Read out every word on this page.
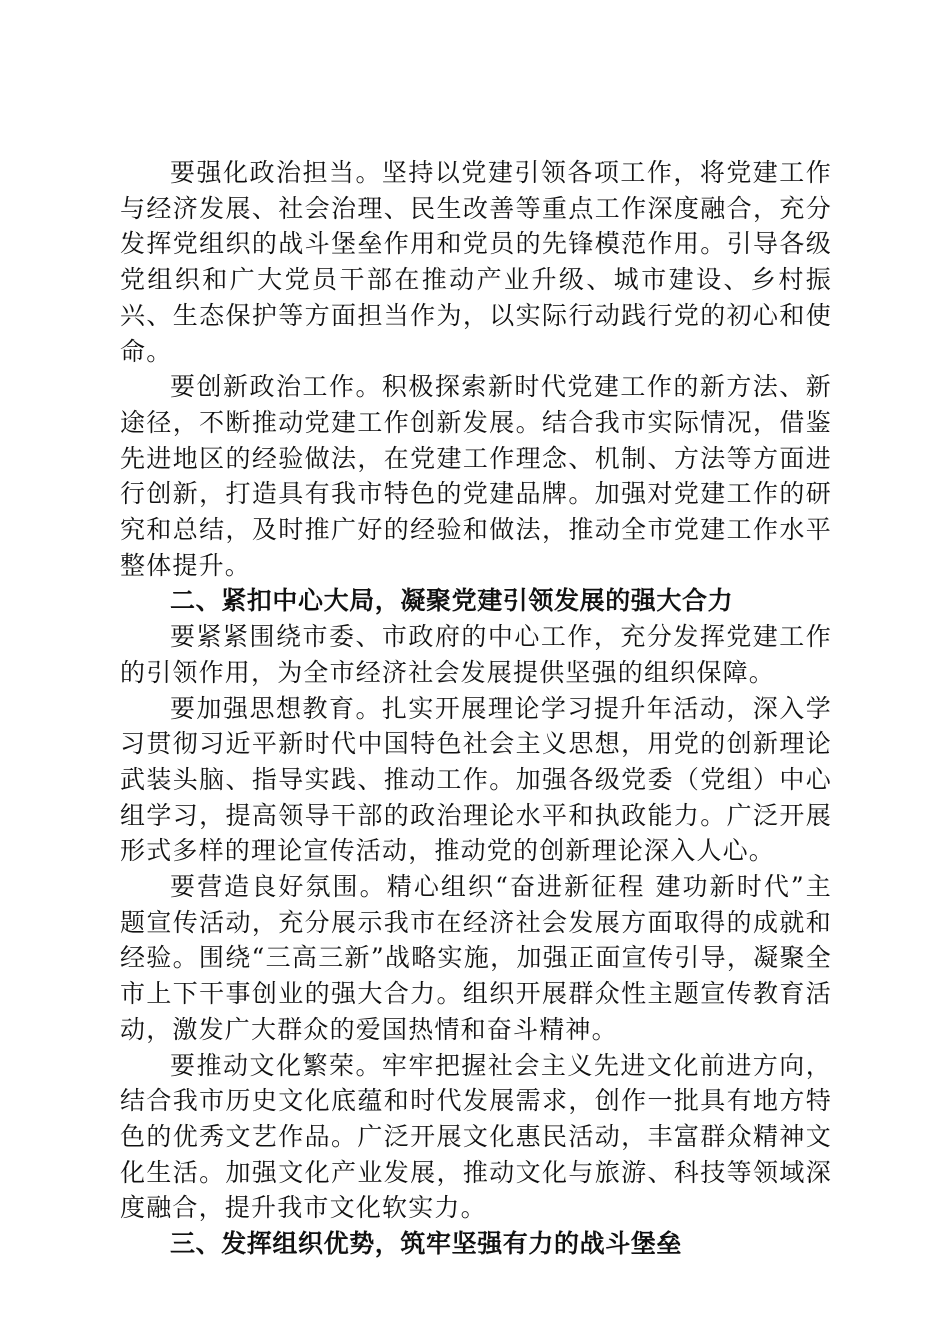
要强化政治担当。坚持以党建引领各项工作，将党建工作与经济发展、社会治理、民生改善等重点工作深度融合，充分发挥党组织的战斗堡垒作用和党员的先锋模范作用。引导各级党组织和广大党员干部在推动产业升级、城市建设、乡村振兴、生态保护等方面担当作为，以实际行动践行党的初心和使命。

要创新政治工作。积极探索新时代党建工作的新方法、新途径，不断推动党建工作创新发展。结合我市实际情况，借鉴先进地区的经验做法，在党建工作理念、机制、方法等方面进行创新，打造具有我市特色的党建品牌。加强对党建工作的研究和总结，及时推广好的经验和做法，推动全市党建工作水平整体提升。

二、紧扣中心大局，凝聚党建引领发展的强大合力

要紧紧围绕市委、市政府的中心工作，充分发挥党建工作的引领作用，为全市经济社会发展提供坚强的组织保障。

要加强思想教育。扎实开展理论学习提升年活动，深入学习贯彻习近平新时代中国特色社会主义思想，用党的创新理论武装头脑、指导实践、推动工作。加强各级党委（党组）中心组学习，提高领导干部的政治理论水平和执政能力。广泛开展形式多样的理论宣传活动，推动党的创新理论深入人心。

要营造良好氛围。精心组织“奋进新征程 建功新时代”主题宣传活动，充分展示我市在经济社会发展方面取得的成就和经验。围绕“三高三新”战略实施，加强正面宣传引导，凝聚全市上下干事创业的强大合力。组织开展群众性主题宣传教育活动，激发广大群众的爱国热情和奋斗精神。

要推动文化繁荣。牢牢把握社会主义先进文化前进方向，结合我市历史文化底蕴和时代发展需求，创作一批具有地方特色的优秀文艺作品。广泛开展文化惠民活动，丰富群众精神文化生活。加强文化产业发展，推动文化与旅游、科技等领域深度融合，提升我市文化软实力。

三、发挥组织优势，筑牢坚强有力的战斗堡垒
